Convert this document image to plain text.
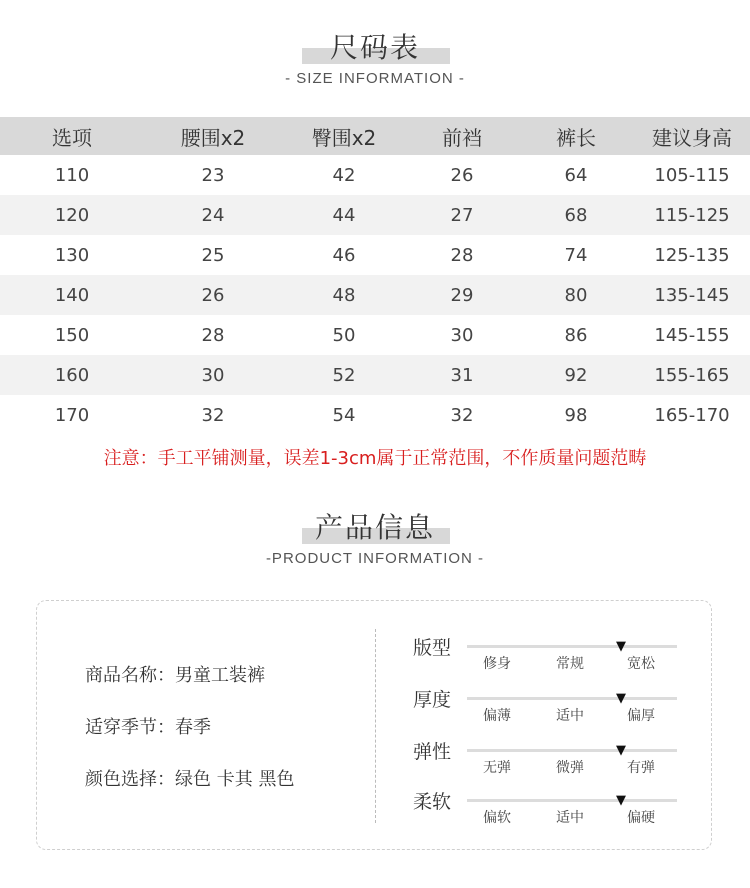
尺码表
- SIZE INFORMATION -
选项	腰围x2	臀围x2	前裆	裤长	建议身高
110	23	42	26	64	105-115
120	24	44	27	68	115-125
130	25	46	28	74	125-135
140	26	48	29	80	135-145
150	28	50	30	86	145-155
160	30	52	31	92	155-165
170	32	54	32	98	165-170
注意：手工平铺测量，误差1-3cm属于正常范围，不作质量问题范畴
产品信息
-PRODUCT INFORMATION -
商品名称：男童工装裤
适穿季节：春季
颜色选择：绿色 卡其 黑色
版型	▼
修身	常规	宽松
厚度	▼
偏薄	适中	偏厚
弹性	▼
无弹	微弹	有弹
柔软	▼
偏软	适中	偏硬
